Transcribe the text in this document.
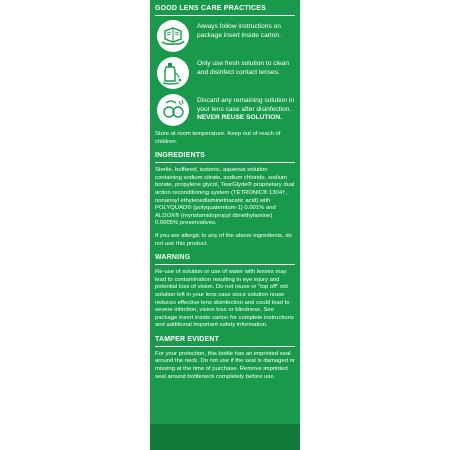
GOOD LENS CARE PRACTICES
Always follow instructions on package insert inside carton.
Only use fresh solution to clean and disinfect contact lenses.
Discard any remaining solution in your lens case after disinfection.
NEVER REUSE SOLUTION.

Store at room temperature. Keep out of reach of children.

INGREDIENTS

Sterile, buffered, isotonic, aqueous solution containing sodium citrate, sodium chloride, sodium borate, propylene glycol, TearGlyde® proprietary dual action reconditioning system (TETRONIC® 1304†, nonanoyl ethylenediaminetriacetic acid) with POLYQUAD® (polyquaternium-1) 0.001% and ALDOX® (myristamidopropyl dimethylamine) 0.0005% preservatives.

If you are allergic to any of the above ingredients, do not use this product.

WARNING

Re-use of solution or use of water with lenses may lead to contamination resulting in eye injury and potential loss of vision. Do not reuse or “top off” old solution left in your lens case since solution reuse reduces effective lens disinfection and could lead to severe infection, vision loss or blindness. See package insert inside carton for complete instructions and additional important safety information.

TAMPER EVIDENT

For your protection, this bottle has an imprinted seal around the neck. Do not use if the seal is damaged or missing at the time of purchase. Remove imprinted seal around bottleneck completely before use.
